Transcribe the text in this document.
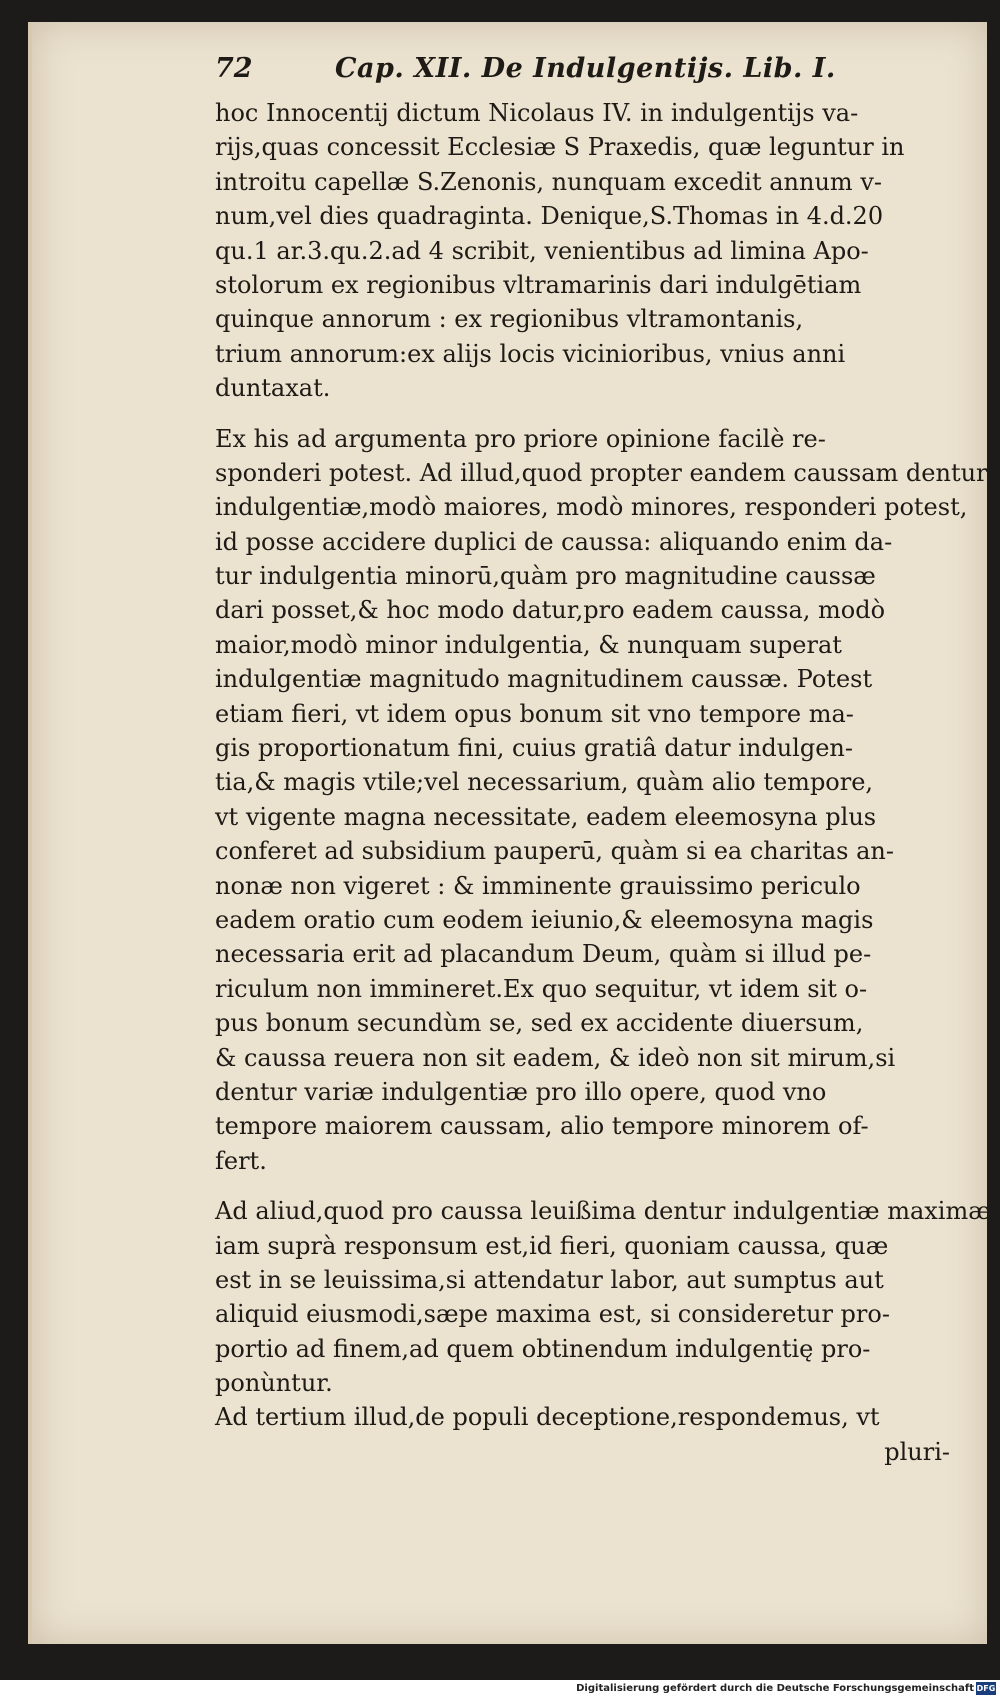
72	Cap. XII. De Indulgentijs. Lib. I.
hoc Innocentij dictum Nicolaus IV. in indulgentijs va-
rijs,quas concessit Ecclesiæ S Praxedis, quæ leguntur in
introitu capellæ S.Zenonis, nunquam excedit annum v-
num,vel dies quadraginta. Denique,S.Thomas in 4.d.20
qu.1 ar.3.qu.2.ad 4 scribit, venientibus ad limina Apo-
stolorum ex regionibus vltramarinis dari indulgētiam
quinque annorum : ex regionibus vltramontanis,
trium annorum:ex alijs locis vicinioribus, vnius anni
duntaxat.
Ex his ad argumenta pro priore opinione facilè re-
sponderi potest. Ad illud,quod propter eandem caussam dentur
indulgentiæ,modò maiores, modò minores, responderi potest,
id posse accidere duplici de caussa: aliquando enim da-
tur indulgentia minorū,quàm pro magnitudine caussæ
dari posset,& hoc modo datur,pro eadem caussa, modò
maior,modò minor indulgentia, & nunquam superat
indulgentiæ magnitudo magnitudinem caussæ. Potest
etiam fieri, vt idem opus bonum sit vno tempore ma-
gis proportionatum fini, cuius gratiâ datur indulgen-
tia,& magis vtile;vel necessarium, quàm alio tempore,
vt vigente magna necessitate, eadem eleemosyna plus
conferet ad subsidium pauperū, quàm si ea charitas an-
nonæ non vigeret : & imminente grauissimo periculo
eadem oratio cum eodem ieiunio,& eleemosyna magis
necessaria erit ad placandum Deum, quàm si illud pe-
riculum non immineret.Ex quo sequitur, vt idem sit o-
pus bonum secundùm se, sed ex accidente diuersum,
& caussa reuera non sit eadem, & ideò non sit mirum,si
dentur variæ indulgentiæ pro illo opere, quod vno
tempore maiorem caussam, alio tempore minorem of-
fert.
Ad aliud,quod pro caussa leuißima dentur indulgentiæ maximæ,
iam suprà responsum est,id fieri, quoniam caussa, quæ
est in se leuissima,si attendatur labor, aut sumptus aut
aliquid eiusmodi,sæpe maxima est, si consideretur pro-
portio ad finem,ad quem obtinendum indulgentię pro-
ponùntur.
Ad tertium illud,de populi deceptione,respondemus, vt
pluri-
Digitalisierung gefördert durch die Deutsche Forschungsgemeinschaft DFG
